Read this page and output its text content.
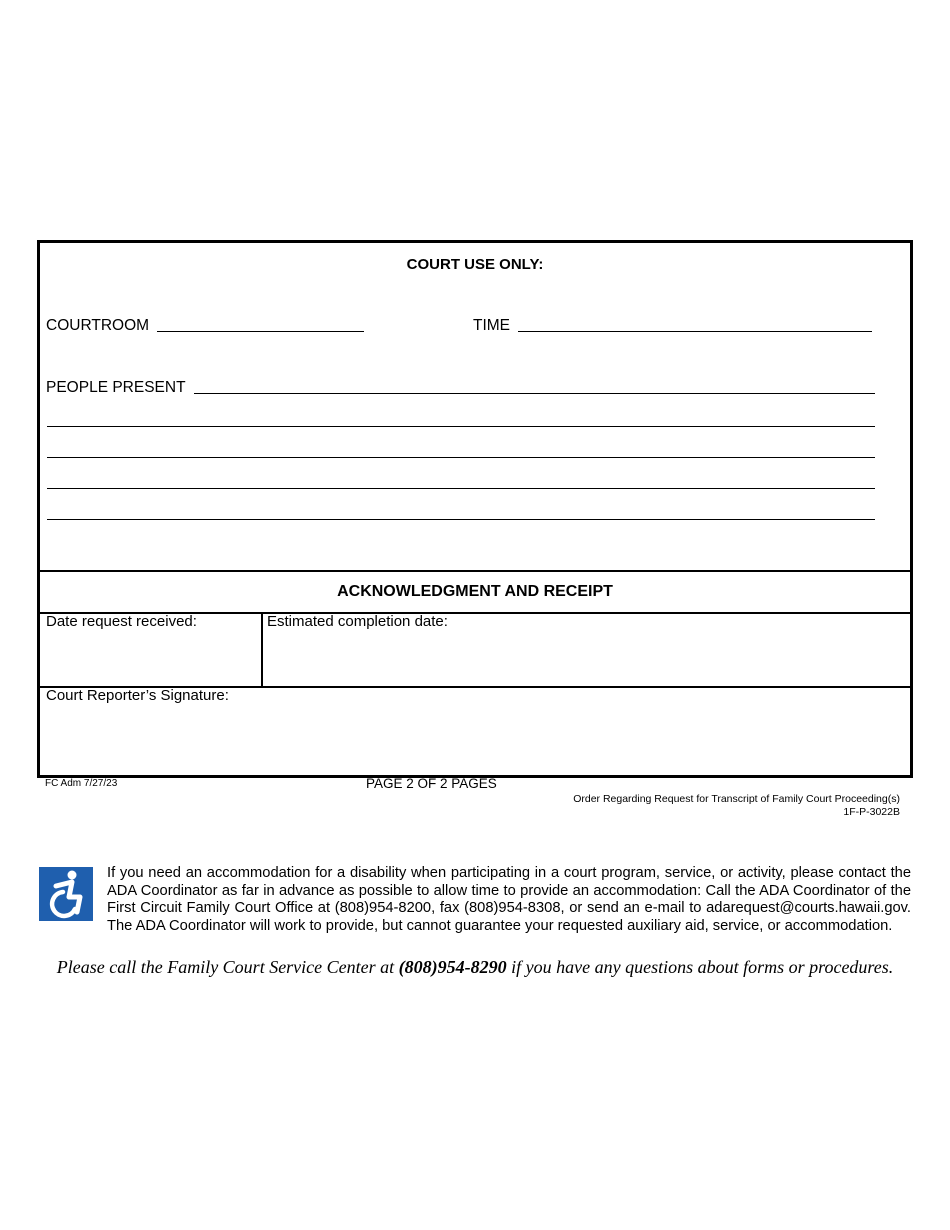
COURT USE ONLY:
COURTROOM	TIME
PEOPLE PRESENT
ACKNOWLEDGMENT AND RECEIPT
Date request received:	Estimated completion date:
Court Reporter’s Signature:
FC Adm 7/27/23	PAGE 2 OF 2 PAGES
Order Regarding Request for Transcript of Family Court Proceeding(s)
1F-P-3022B
If you need an accommodation for a disability when participating in a court program, service, or activity, please contact the ADA Coordinator as far in advance as possible to allow time to provide an accommodation: Call the ADA Coordinator of the First Circuit Family Court Office at (808)954-8200, fax (808)954-8308, or send an e-mail to adarequest@courts.hawaii.gov. The ADA Coordinator will work to provide, but cannot guarantee your requested auxiliary aid, service, or accommodation.
Please call the Family Court Service Center at (808)954-8290 if you have any questions about forms or procedures.
